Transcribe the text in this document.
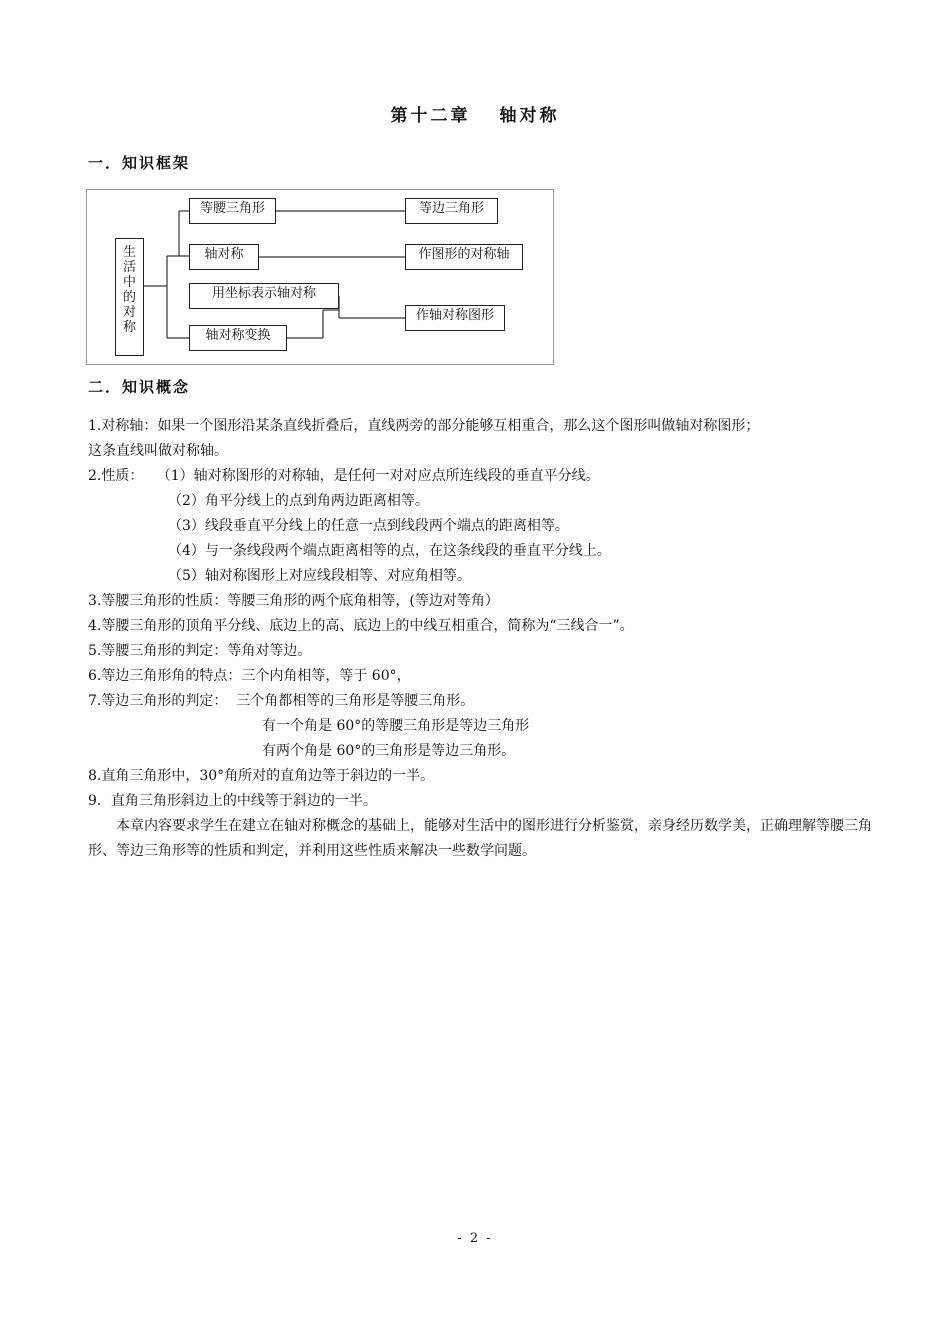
第十二章　 轴对称
一．知识框架
生
活
中
的
对
称
等腰三角形	等边三角形
轴对称	作图形的对称轴
用坐标表示轴对称
作轴对称图形
轴对称变换
二．知识概念
1.对称轴：如果一个图形沿某条直线折叠后，直线两旁的部分能够互相重合，那么这个图形叫做轴对称图形；
这条直线叫做对称轴。
2.性质：   （1）轴对称图形的对称轴，是任何一对对应点所连线段的垂直平分线。
（2）角平分线上的点到角两边距离相等。
（3）线段垂直平分线上的任意一点到线段两个端点的距离相等。
（4）与一条线段两个端点距离相等的点，在这条线段的垂直平分线上。
（5）轴对称图形上对应线段相等、对应角相等。
3.等腰三角形的性质：等腰三角形的两个底角相等，(等边对等角）
4.等腰三角形的顶角平分线、底边上的高、底边上的中线互相重合，简称为“三线合一”。
5.等腰三角形的判定：等角对等边。
6.等边三角形角的特点：三个内角相等，等于 60°，
7.等边三角形的判定：  三个角都相等的三角形是等腰三角形。
有一个角是 60°的等腰三角形是等边三角形
有两个角是 60°的三角形是等边三角形。
8.直角三角形中，30°角所对的直角边等于斜边的一半。
9．直角三角形斜边上的中线等于斜边的一半。
本章内容要求学生在建立在轴对称概念的基础上，能够对生活中的图形进行分析鉴赏，亲身经历数学美，正确理解等腰三角形、等边三角形等的性质和判定，并利用这些性质来解决一些数学问题。
- 2 -
